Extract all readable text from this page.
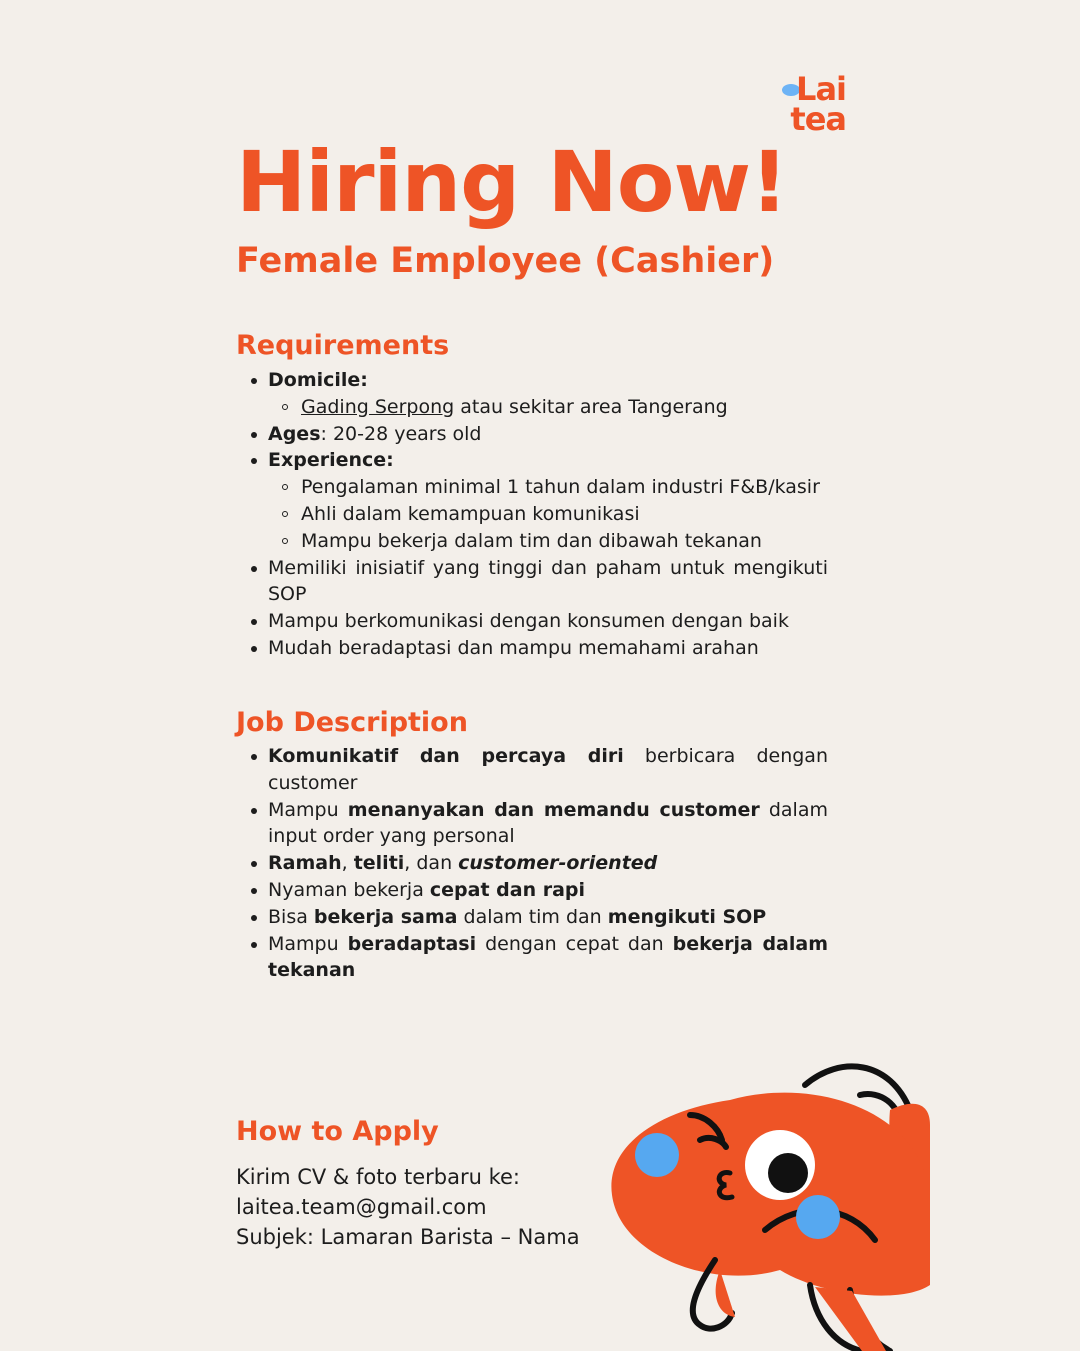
Lai
tea
Hiring Now!
Female Employee (Cashier)
Requirements
Domicile:
Gading Serpong atau sekitar area Tangerang
Ages: 20-28 years old
Experience:
Pengalaman minimal 1 tahun dalam industri F&B/kasir
Ahli dalam kemampuan komunikasi
Mampu bekerja dalam tim dan dibawah tekanan
Memiliki inisiatif yang tinggi dan paham untuk mengikuti SOP
Mampu berkomunikasi dengan konsumen dengan baik
Mudah beradaptasi dan mampu memahami arahan
Job Description
Komunikatif dan percaya diri berbicara dengan customer
Mampu menanyakan dan memandu customer dalam input order yang personal
Ramah, teliti, dan customer-oriented
Nyaman bekerja cepat dan rapi
Bisa bekerja sama dalam tim dan mengikuti SOP
Mampu beradaptasi dengan cepat dan bekerja dalam tekanan
How to Apply
Kirim CV & foto terbaru ke:
laitea.team@gmail.com
Subjek: Lamaran Barista – Nama
